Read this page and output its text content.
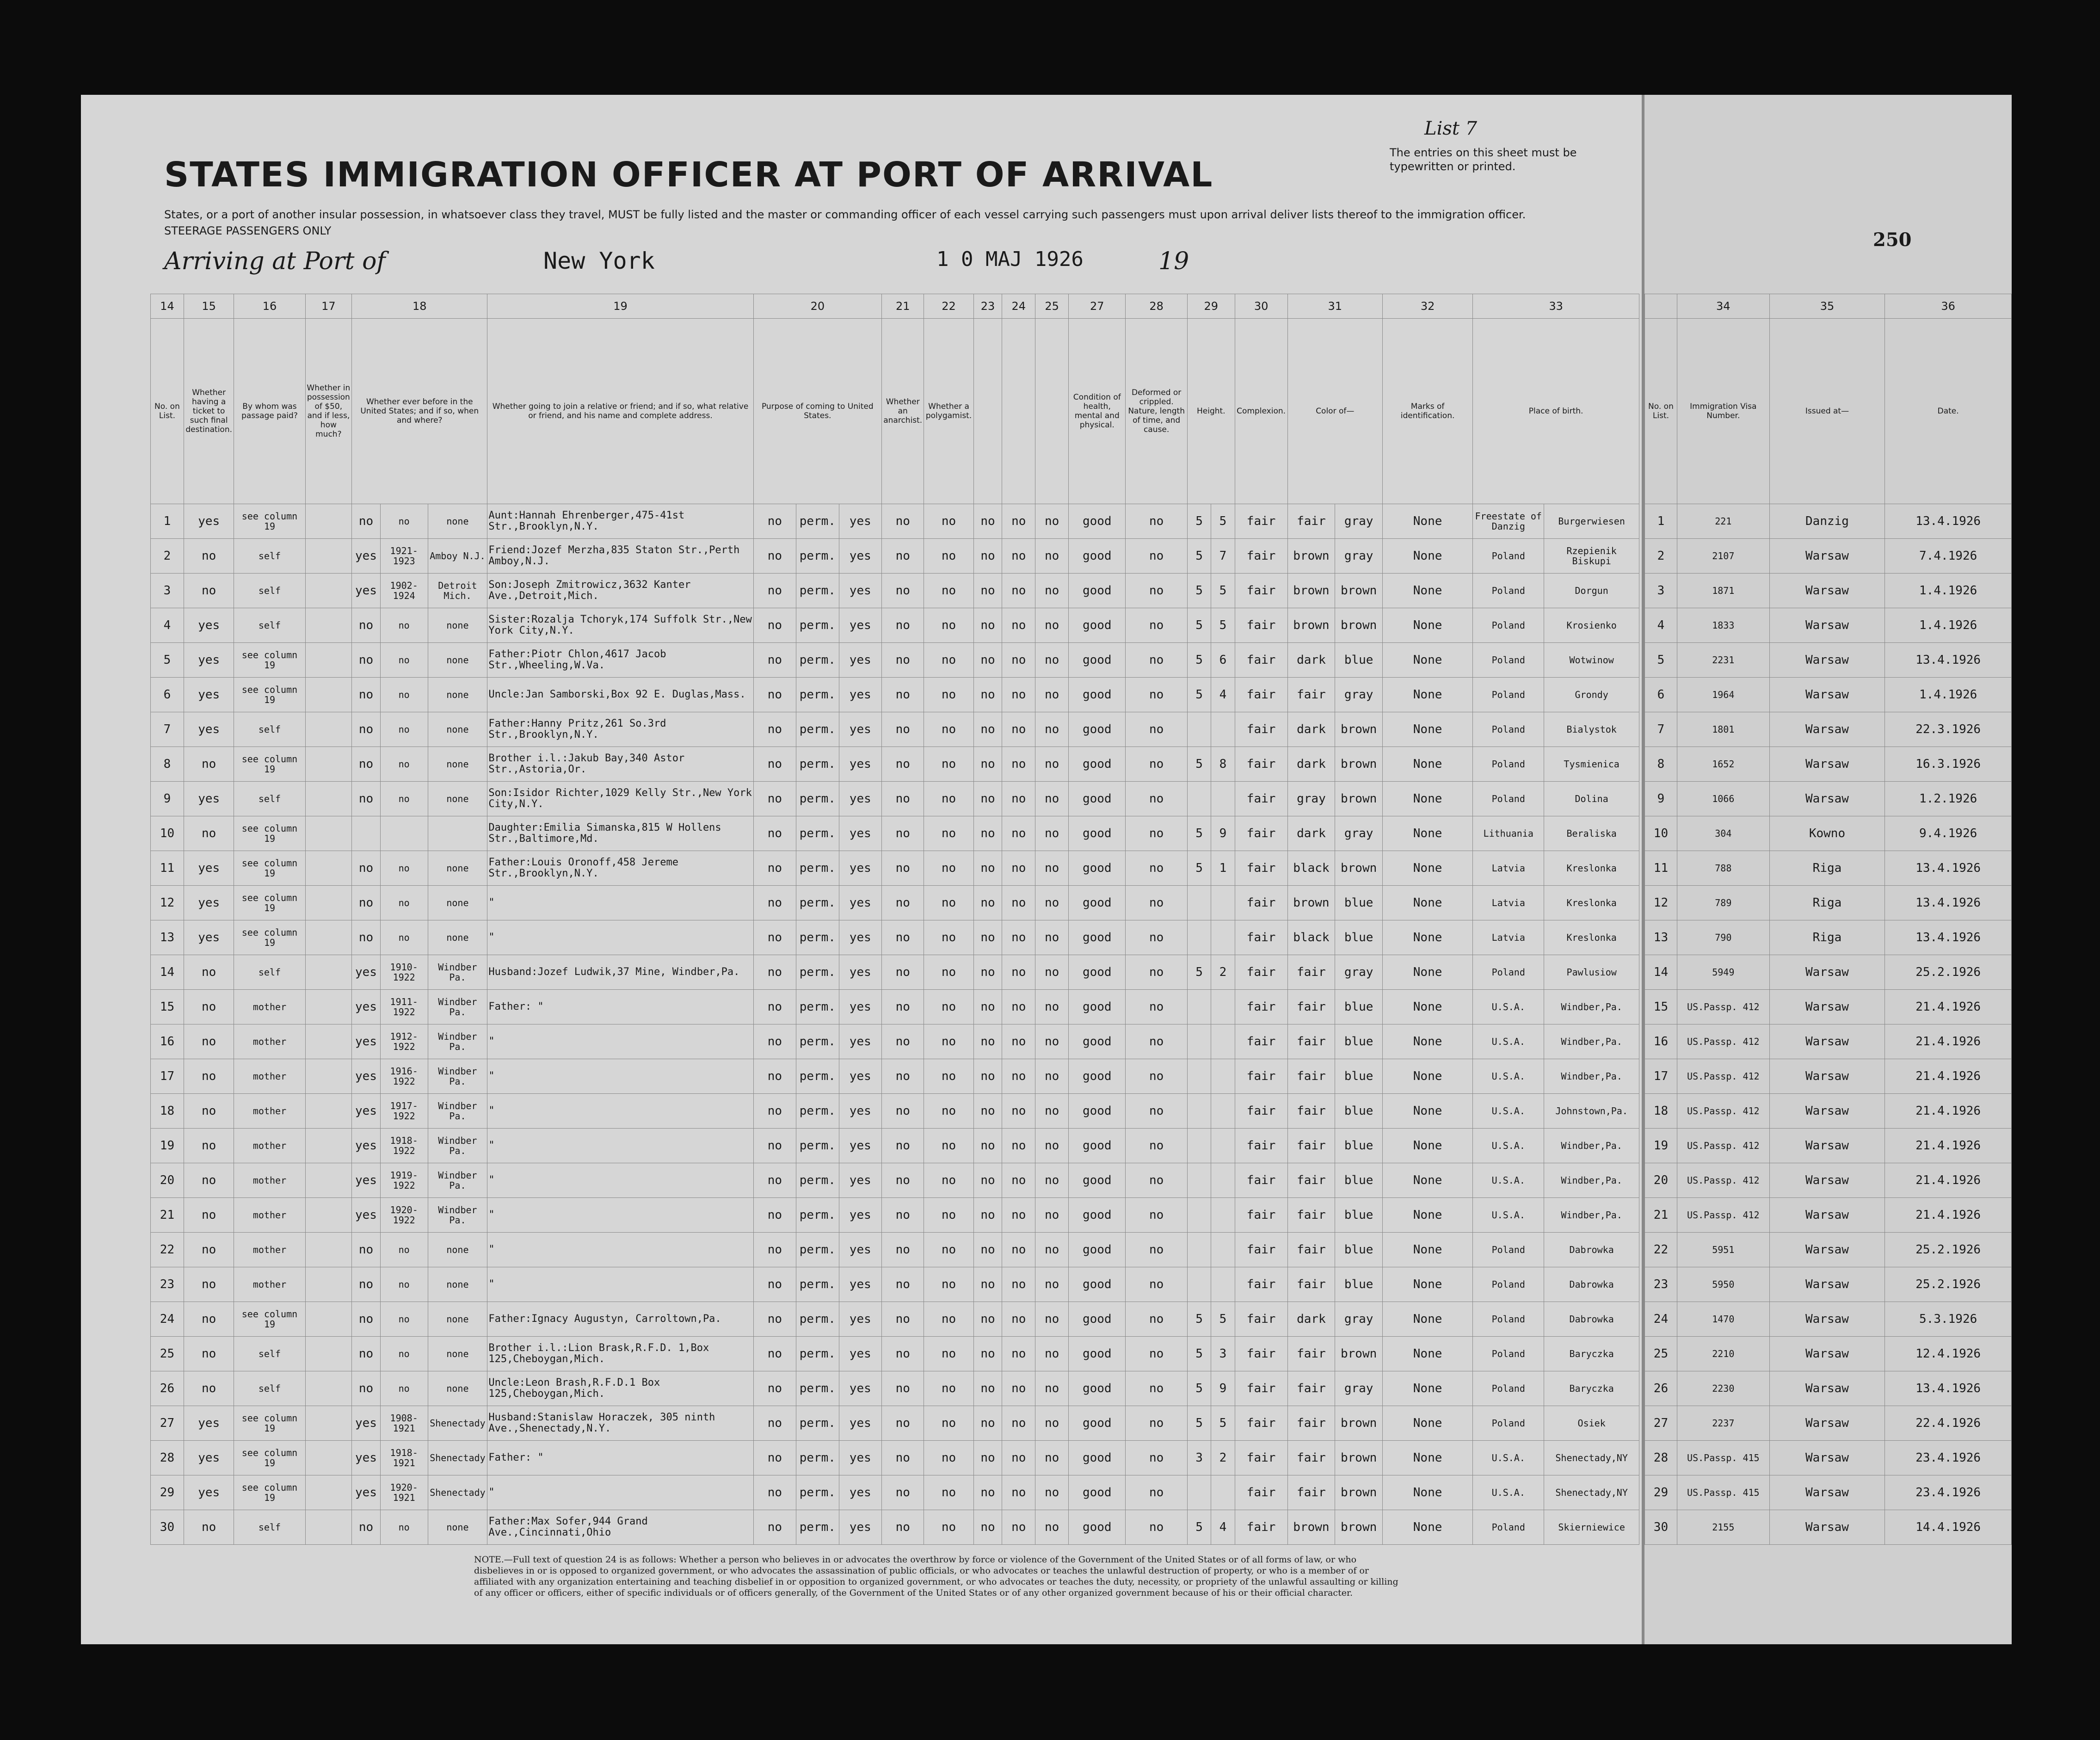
STATES IMMIGRATION OFFICER AT PORT OF ARRIVAL
States, or a port of another insular possession, in whatsoever class they travel, MUST be fully listed and the master or commanding officer of each vessel carrying such passengers must upon arrival deliver lists thereof to the immigration officer.
STEERAGE PASSENGERS ONLY
List 7
The entries on this sheet must be typewritten or printed.
Arriving at Port of	New York	1 0 MAJ 1926	19
14	15	16	17	18			19	20			21	22	23	24	25	27	28	29		30	31		32	33	
No. on List.	Whether having a ticket to such final destination.	By whom was passage paid?	Whether in possession of $50, and if less, how much?	Whether ever before in the United States; and if so, when and where?			Whether going to join a relative or friend; and if so, what relative or friend, and his name and complete address.	Purpose of coming to United States.			Whether an anarchist.	Whether a polygamist.				Condition of health, mental and physical.	Deformed or crippled. Nature, length of time, and cause.	Height.		Complexion.	Color of—		Marks of identification.	Place of birth.	
1	yes	see column 19		no	no	none	Aunt:Hannah Ehrenberger,475-41st Str.,Brooklyn,N.Y.	no	perm.	yes	no	no	no	no	no	good	no	5	5	fair	fair	gray	None	Freestate of Danzig	Burgerwiesen
2	no	self		yes	1921-1923	Amboy N.J.	Friend:Jozef Merzha,835 Staton Str.,Perth Amboy,N.J.	no	perm.	yes	no	no	no	no	no	good	no	5	7	fair	brown	gray	None	Poland	Rzepienik Biskupi
3	no	self		yes	1902-1924	Detroit Mich.	Son:Joseph Zmitrowicz,3632 Kanter Ave.,Detroit,Mich.	no	perm.	yes	no	no	no	no	no	good	no	5	5	fair	brown	brown	None	Poland	Dorgun
4	yes	self		no	no	none	Sister:Rozalja Tchoryk,174 Suffolk Str.,New York City,N.Y.	no	perm.	yes	no	no	no	no	no	good	no	5	5	fair	brown	brown	None	Poland	Krosienko
5	yes	see column 19		no	no	none	Father:Piotr Chlon,4617 Jacob Str.,Wheeling,W.Va.	no	perm.	yes	no	no	no	no	no	good	no	5	6	fair	dark	blue	None	Poland	Wotwinow
6	yes	see column 19		no	no	none	Uncle:Jan Samborski,Box 92 E. Duglas,Mass.	no	perm.	yes	no	no	no	no	no	good	no	5	4	fair	fair	gray	None	Poland	Grondy
7	yes	self		no	no	none	Father:Hanny Pritz,261 So.3rd Str.,Brooklyn,N.Y.	no	perm.	yes	no	no	no	no	no	good	no			fair	dark	brown	None	Poland	Bialystok
8	no	see column 19		no	no	none	Brother i.l.:Jakub Bay,340 Astor Str.,Astoria,Or.	no	perm.	yes	no	no	no	no	no	good	no	5	8	fair	dark	brown	None	Poland	Tysmienica
9	yes	self		no	no	none	Son:Isidor Richter,1029 Kelly Str.,New York City,N.Y.	no	perm.	yes	no	no	no	no	no	good	no			fair	gray	brown	None	Poland	Dolina
10	no	see column 19					Daughter:Emilia Simanska,815 W Hollens Str.,Baltimore,Md.	no	perm.	yes	no	no	no	no	no	good	no	5	9	fair	dark	gray	None	Lithuania	Beraliska
11	yes	see column 19		no	no	none	Father:Louis Oronoff,458 Jereme Str.,Brooklyn,N.Y.	no	perm.	yes	no	no	no	no	no	good	no	5	1	fair	black	brown	None	Latvia	Kreslonka
12	yes	see column 19		no	no	none	"	no	perm.	yes	no	no	no	no	no	good	no			fair	brown	blue	None	Latvia	Kreslonka
13	yes	see column 19		no	no	none	"	no	perm.	yes	no	no	no	no	no	good	no			fair	black	blue	None	Latvia	Kreslonka
14	no	self		yes	1910-1922	Windber Pa.	Husband:Jozef Ludwik,37 Mine, Windber,Pa.	no	perm.	yes	no	no	no	no	no	good	no	5	2	fair	fair	gray	None	Poland	Pawlusiow
15	no	mother		yes	1911-1922	Windber Pa.	Father: "	no	perm.	yes	no	no	no	no	no	good	no			fair	fair	blue	None	U.S.A.	Windber,Pa.
16	no	mother		yes	1912-1922	Windber Pa.	"	no	perm.	yes	no	no	no	no	no	good	no			fair	fair	blue	None	U.S.A.	Windber,Pa.
17	no	mother		yes	1916-1922	Windber Pa.	"	no	perm.	yes	no	no	no	no	no	good	no			fair	fair	blue	None	U.S.A.	Windber,Pa.
18	no	mother		yes	1917-1922	Windber Pa.	"	no	perm.	yes	no	no	no	no	no	good	no			fair	fair	blue	None	U.S.A.	Johnstown,Pa.
19	no	mother		yes	1918-1922	Windber Pa.	"	no	perm.	yes	no	no	no	no	no	good	no			fair	fair	blue	None	U.S.A.	Windber,Pa.
20	no	mother		yes	1919-1922	Windber Pa.	"	no	perm.	yes	no	no	no	no	no	good	no			fair	fair	blue	None	U.S.A.	Windber,Pa.
21	no	mother		yes	1920-1922	Windber Pa.	"	no	perm.	yes	no	no	no	no	no	good	no			fair	fair	blue	None	U.S.A.	Windber,Pa.
22	no	mother		no	no	none	"	no	perm.	yes	no	no	no	no	no	good	no			fair	fair	blue	None	Poland	Dabrowka
23	no	mother		no	no	none	"	no	perm.	yes	no	no	no	no	no	good	no			fair	fair	blue	None	Poland	Dabrowka
24	no	see column 19		no	no	none	Father:Ignacy Augustyn, Carroltown,Pa.	no	perm.	yes	no	no	no	no	no	good	no	5	5	fair	dark	gray	None	Poland	Dabrowka
25	no	self		no	no	none	Brother i.l.:Lion Brask,R.F.D. 1,Box 125,Cheboygan,Mich.	no	perm.	yes	no	no	no	no	no	good	no	5	3	fair	fair	brown	None	Poland	Baryczka
26	no	self		no	no	none	Uncle:Leon Brash,R.F.D.1 Box 125,Cheboygan,Mich.	no	perm.	yes	no	no	no	no	no	good	no	5	9	fair	fair	gray	None	Poland	Baryczka
27	yes	see column 19		yes	1908-1921	Shenectady	Husband:Stanislaw Horaczek, 305 ninth Ave.,Shenectady,N.Y.	no	perm.	yes	no	no	no	no	no	good	no	5	5	fair	fair	brown	None	Poland	Osiek
28	yes	see column 19		yes	1918-1921	Shenectady	Father: "	no	perm.	yes	no	no	no	no	no	good	no	3	2	fair	fair	brown	None	U.S.A.	Shenectady,NY
29	yes	see column 19		yes	1920-1921	Shenectady	"	no	perm.	yes	no	no	no	no	no	good	no			fair	fair	brown	None	U.S.A.	Shenectady,NY
30	no	self		no	no	none	Father:Max Sofer,944 Grand Ave.,Cincinnati,Ohio	no	perm.	yes	no	no	no	no	no	good	no	5	4	fair	brown	brown	None	Poland	Skierniewice
NOTE.—Full text of question 24 is as follows: Whether a person who believes in or advocates the overthrow by force or violence of the Government of the United States or of all forms of law, or who disbelieves in or is opposed to organized government, or who advocates the assassination of public officials, or who advocates or teaches the unlawful destruction of property, or who is a member of or affiliated with any organization entertaining and teaching disbelief in or opposition to organized government, or who advocates or teaches the duty, necessity, or propriety of the unlawful assaulting or killing of any officer or officers, either of specific individuals or of officers generally, of the Government of the United States or of any other organized government because of his or their official character.
250
	34	35	36
No. on List.	Immigration Visa Number.	Issued at—	Date.
1	221	Danzig	13.4.1926
2	2107	Warsaw	7.4.1926
3	1871	Warsaw	1.4.1926
4	1833	Warsaw	1.4.1926
5	2231	Warsaw	13.4.1926
6	1964	Warsaw	1.4.1926
7	1801	Warsaw	22.3.1926
8	1652	Warsaw	16.3.1926
9	1066	Warsaw	1.2.1926
10	304	Kowno	9.4.1926
11	788	Riga	13.4.1926
12	789	Riga	13.4.1926
13	790	Riga	13.4.1926
14	5949	Warsaw	25.2.1926
15	US.Passp. 412	Warsaw	21.4.1926
16	US.Passp. 412	Warsaw	21.4.1926
17	US.Passp. 412	Warsaw	21.4.1926
18	US.Passp. 412	Warsaw	21.4.1926
19	US.Passp. 412	Warsaw	21.4.1926
20	US.Passp. 412	Warsaw	21.4.1926
21	US.Passp. 412	Warsaw	21.4.1926
22	5951	Warsaw	25.2.1926
23	5950	Warsaw	25.2.1926
24	1470	Warsaw	5.3.1926
25	2210	Warsaw	12.4.1926
26	2230	Warsaw	13.4.1926
27	2237	Warsaw	22.4.1926
28	US.Passp. 415	Warsaw	23.4.1926
29	US.Passp. 415	Warsaw	23.4.1926
30	2155	Warsaw	14.4.1926
